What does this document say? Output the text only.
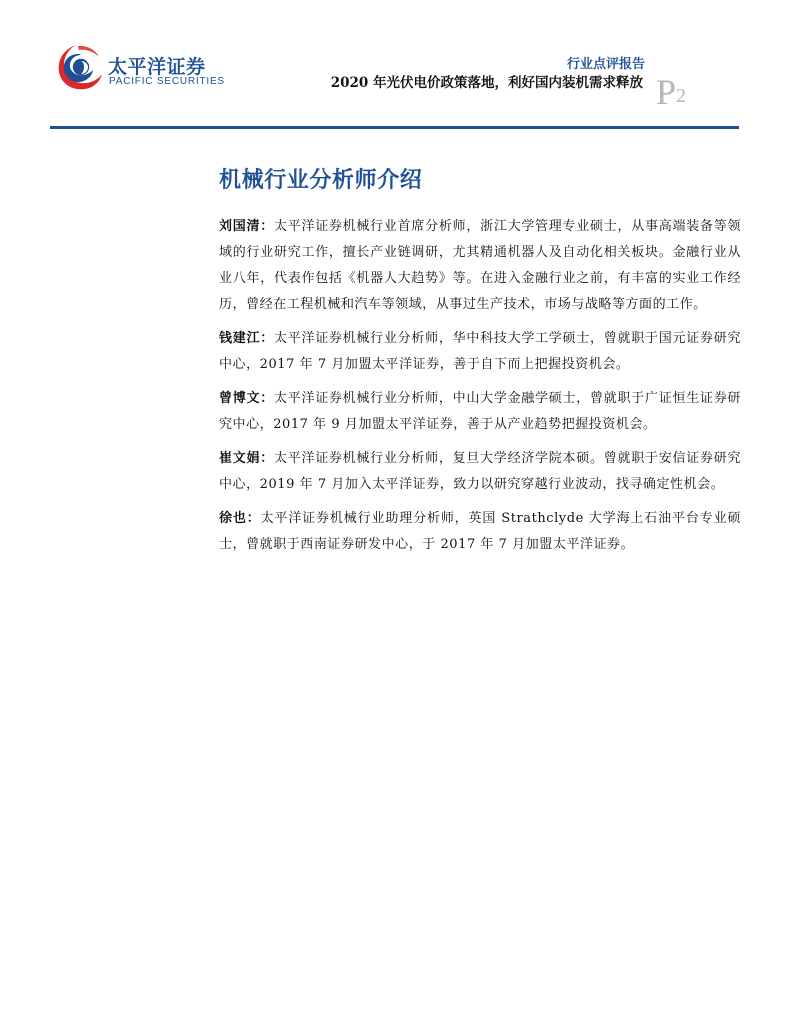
太平洋证券
PACIFIC SECURITIES
行业点评报告
2020 年光伏电价政策落地，利好国内装机需求释放 P2
机械行业分析师介绍

刘国清：太平洋证券机械行业首席分析师，浙江大学管理专业硕士，从事高端装备等领域的行业研究工作，擅长产业链调研，尤其精通机器人及自动化相关板块。金融行业从业八年，代表作包括《机器人大趋势》等。在进入金融行业之前，有丰富的实业工作经历，曾经在工程机械和汽车等领域，从事过生产技术，市场与战略等方面的工作。

钱建江：太平洋证券机械行业分析师，华中科技大学工学硕士，曾就职于国元证券研究中心，2017 年 7 月加盟太平洋证券，善于自下而上把握投资机会。

曾博文：太平洋证券机械行业分析师，中山大学金融学硕士，曾就职于广证恒生证券研究中心，2017 年 9 月加盟太平洋证券，善于从产业趋势把握投资机会。

崔文娟：太平洋证券机械行业分析师，复旦大学经济学院本硕。曾就职于安信证券研究中心，2019 年 7 月加入太平洋证券，致力以研究穿越行业波动，找寻确定性机会。

徐也：太平洋证券机械行业助理分析师，英国 Strathclyde 大学海上石油平台专业硕士，曾就职于西南证券研发中心，于 2017 年 7 月加盟太平洋证券。
